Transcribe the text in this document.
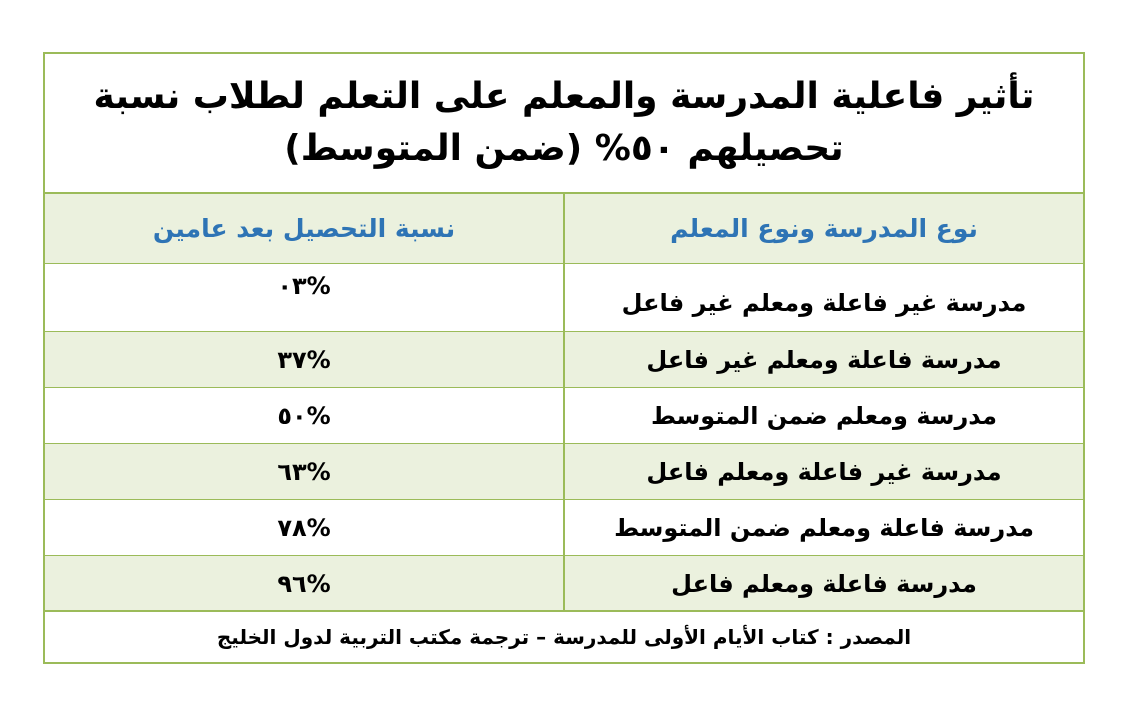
تأثير فاعلية المدرسة والمعلم على التعلم لطلاب نسبة تحصيلهم ٥٠% (ضمن المتوسط)
نوع المدرسة ونوع المعلم
نسبة التحصيل بعد عامين
مدرسة غير فاعلة ومعلم غير فاعل
%٠٣
مدرسة فاعلة ومعلم غير فاعل
%٣٧
مدرسة ومعلم ضمن المتوسط
%٥٠
مدرسة غير فاعلة ومعلم فاعل
%٦٣
مدرسة فاعلة ومعلم ضمن المتوسط
%٧٨
مدرسة فاعلة ومعلم فاعل
%٩٦
المصدر : كتاب الأيام الأولى للمدرسة – ترجمة مكتب التربية لدول الخليج
